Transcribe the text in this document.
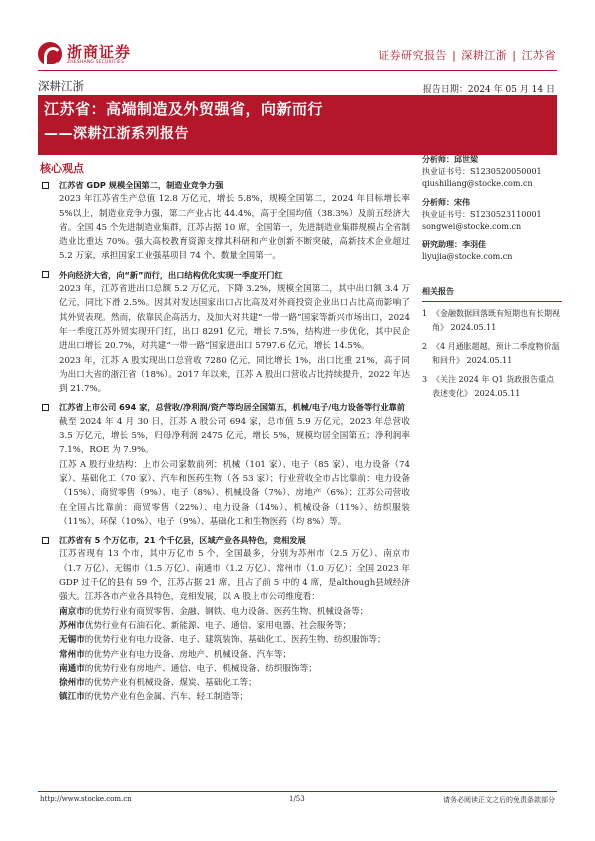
浙商证券
ZHESHANG SECURITIES	证券研究报告 | 深耕江浙 | 江苏省
深耕江浙	报告日期：2024 年 05 月 14 日
江苏省：高端制造及外贸强省，向新而行
——深耕江浙系列报告
核心观点
江苏省 GDP 规模全国第二，制造业竞争力强
2023 年江苏省生产总值 12.8 万亿元，增长 5.8%，规模全国第二，2024 年目标增长率 5%以上，制造业竞争力强，第二产业占比 44.4%，高于全国均值（38.3%）及前五经济大省。全国 45 个先进制造业集群，江苏占据 10 席，全国第一，先进制造业集群规模占全省制造业比重达 70%。强大高校教育资源支撑其科研和产业创新不断突破，高新技术企业超过 5.2 万家，承担国家工业强基项目 74 个、数量全国第一。
外向经济大省，向“新”而行，出口结构优化实现一季度开门红
2023 年，江苏省进出口总额 5.2 万亿元，下降 3.2%，规模全国第二，其中出口额 3.4 万亿元，同比下滑 2.5%。因其对发达国家出口占比高及对外商投资企业出口占比高而影响了其外贸表现。然而，依靠民企高活力，及加大对共建“一带一路”国家等新兴市场出口，2024 年一季度江苏外贸实现开门红，出口 8291 亿元，增长 7.5%，结构进一步优化，其中民企进出口增长 20.7%，对共建“一带一路”国家进出口 5797.6 亿元，增长 14.5%。
2023 年，江苏 A 股实现出口总营收 7280 亿元，同比增长 1%，出口比重 21%，高于同为出口大省的浙江省（18%）。2017 年以来，江苏 A 股出口营收占比持续提升，2022 年达到 21.7%。
江苏省上市公司 694 家，总营收/净利润/资产等均居全国第五，机械/电子/电力设备等行业靠前
截至 2024 年 4 月 30 日，江苏 A 股公司 694 家，总市值 5.9 万亿元，2023 年总营收 3.5 万亿元，增长 5%，归母净利润 2475 亿元，增长 5%，规模均居全国第五；净利润率 7.1%，ROE 为 7.9%。
江苏 A 股行业结构：上市公司家数前列：机械（101 家）、电子（85 家）、电力设备（74 家）、基础化工（70 家）、汽车和医药生物（各 53 家）；行业营收全市占比靠前：电力设备（15%）、商贸零售（9%）、电子（8%）、机械设备（7%）、房地产（6%）；江苏公司营收在全国占比靠前：商贸零售（22%）、电力设备（14%）、机械设备（11%）、纺织服装（11%）、环保（10%）、电子（9%）、基础化工和生物医药（均 8%）等。
江苏省有 5 个万亿市，21 个千亿县，区域产业各具特色，竞相发展
江苏省现有 13 个市，其中万亿市 5 个，全国最多，分别为苏州市（2.5 万亿）、南京市（1.7 万亿）、无锡市（1.5 万亿）、南通市（1.2 万亿）、常州市（1.0 万亿）；全国 2023 年 GDP 过千亿的县有 59 个，江苏占据 21 席，且占了前 5 中的 4 席，是although县域经济强大。江苏各市产业各具特色，竞相发展，以 A 股上市公司维度看：
南京市的优势行业有商贸零售、金融、钢铁、电力设备、医药生物、机械设备等；
苏州市优势行业有石油石化、新能源、电子、通信、家用电器、社会服务等；
无锡市的优势行业有电力设备、电子、建筑装饰、基础化工、医药生物、纺织服饰等；
常州市的优势产业有电力设备、房地产、机械设备、汽车等；
南通市的优势行业有房地产、通信、电子、机械设备、纺织服饰等；
徐州市的优势产业有机械设备、煤炭、基础化工等；
镇江市的优势产业有色金属、汽车、轻工制造等；
分析师：邱世梁
执业证书号：S1230520050001
qiushiliang@stocke.com.cn
分析师：宋伟
执业证书号：S1230523110001
songwei@stocke.com.cn
研究助理：李羽佳
liyujia@stocke.com.cn
相关报告
1 《金融数据回落既有短期也有长期视角》 2024.05.11
2 《4 月通胀超越，预计二季度物价温和回升》 2024.05.11
3 《关注 2024 年 Q1 货政报告重点表述变化》 2024.05.11
http://www.stocke.com.cn	1/53	请务必阅读正文之后的免责条款部分
